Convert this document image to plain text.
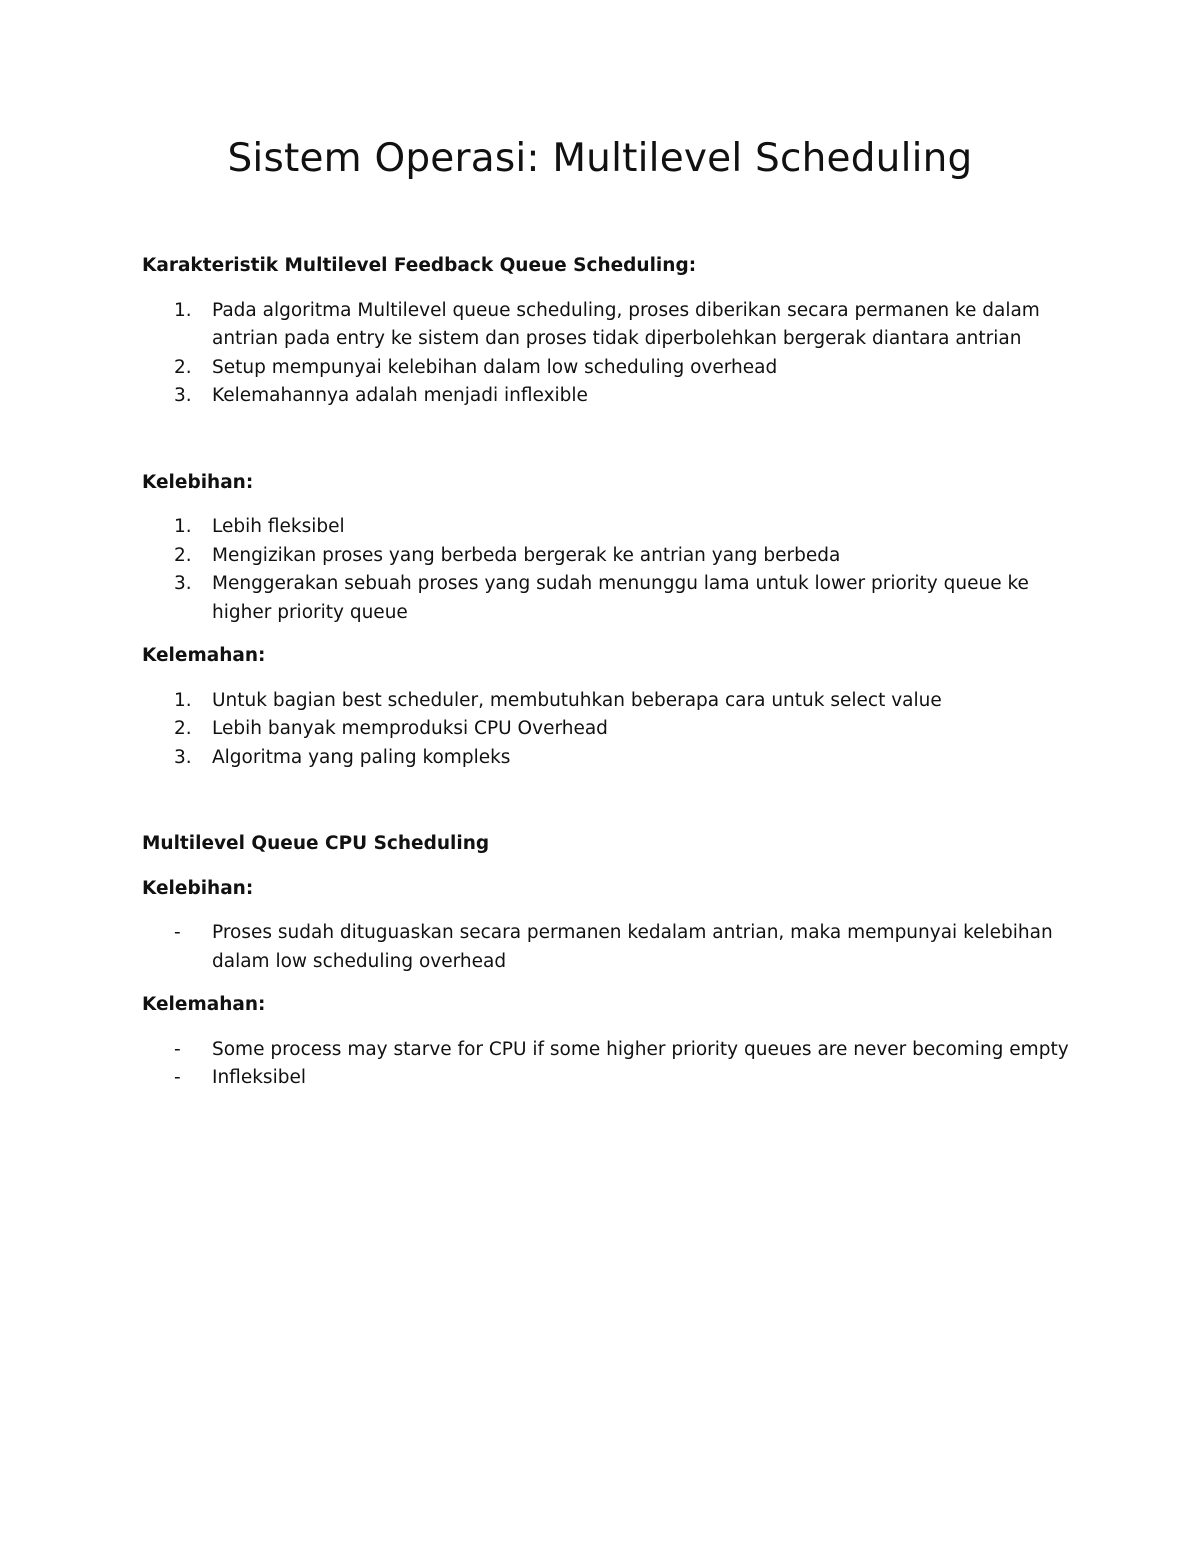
Sistem Operasi: Multilevel Scheduling

Karakteristik Multilevel Feedback Queue Scheduling:

1. Pada algoritma Multilevel queue scheduling, proses diberikan secara permanen ke dalam antrian pada entry ke sistem dan proses tidak diperbolehkan bergerak diantara antrian
2. Setup mempunyai kelebihan dalam low scheduling overhead
3. Kelemahannya adalah menjadi inflexible

Kelebihan:

1. Lebih fleksibel
2. Mengizikan proses yang berbeda bergerak ke antrian yang berbeda
3. Menggerakan sebuah proses yang sudah menunggu lama untuk lower priority queue ke higher priority queue

Kelemahan:

1. Untuk bagian best scheduler, membutuhkan beberapa cara untuk select value
2. Lebih banyak memproduksi CPU Overhead
3. Algoritma yang paling kompleks

Multilevel Queue CPU Scheduling

Kelebihan:

- Proses sudah dituguaskan secara permanen kedalam antrian, maka mempunyai kelebihan dalam low scheduling overhead

Kelemahan:

- Some process may starve for CPU if some higher priority queues are never becoming empty
- Infleksibel
